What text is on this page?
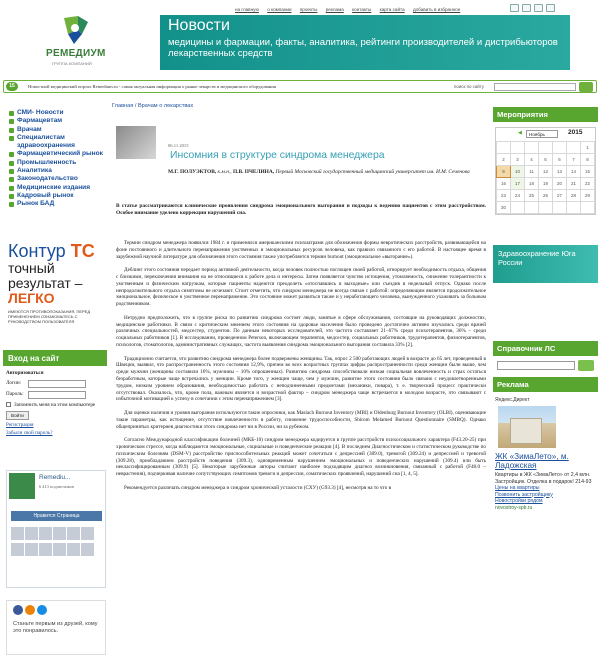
РЕМЕДИУМ
ГРУППА КОМПАНИЙ
на главную о компании проекты реклама контакты карта сайта добавить в избранное
Новости
медицины и фармации, факты, аналитика, рейтинги производителей и дистрибьюторов лекарственных средств
15	Новостной медицинский портал Remedium.ru - самая актуальная информация о рынке лекарств и медицинского оборудования	поиск по сайту
СМИ- Новости
Фармацевтам
Врачам
Специалистам здравоохранения
Фармацевтический рынок
Промышленность
Аналитика
Законодательство
Медицинские издания
Кадровый рынок
Рынок БАД
Контур ТС
точный
результат –
ЛЕГКО
ИМЕЮТСЯ ПРОТИВОПОКАЗАНИЯ, ПЕРЕД ПРИМЕНЕНИЕМ ОЗНАКОМЬТЕСЬ С РУКОВОДСТВОМ ПОЛЬЗОВАТЕЛЯ
Вход на сайт
Авторизоваться
Логин:
Пароль:
Запомнить меня на этом компьютере
Войти
Регистрация
Забыли свой пароль?
Remediu...
6 413 подписчиков
Нравится Страница
Станьте первым из друзей, кому это понравилось.
Главная / Врачам о лекарствах
06.11.2015
Инсомния в структуре синдрома менеджера
М.Г. ПОЛУЭКТОВ, к.м.н., П.В. ПЧЕЛИНА, Первый Московский государственный медицинский университет им. И.М. Сеченова
В статье рассматриваются клинические проявления синдрома эмоционального выгорания и подходы к ведению пациентов с этим расстройством. Особое внимание уделено коррекции нарушений сна.

Термин синдром менеджера появился 1984 г. и применялся американскими психиатрами для обозначения формы невротических расстройств, развивающейся на фоне постоянного и длительного перенапряжения умственных и эмоциональных ресурсов человека, как правило связанного с его работой. В настоящее время в зарубежной научной литературе для обозначения этого состояния также употребляется термин burnout (эмоциональное «выгорание»).

Деблинг этого состояния передает период активной деятельности, когда человек полностью поглощен своей работой, игнорирует необходимость отдыха, общения с близкими, переключения внимания на не относящиеся к работе дела и интересы. Затем появляется чувство истощения, утомляемость, снижение толерантности к умственным и физическим нагрузкам, которые пациенты надеются преодолеть «отоспавшись в выходные» или съездив в недельный отпуск. Однако после непродолжительного отдыха симптомы не исчезают. Стоит отметить, что синдром менеджера не всегда связан с работой: определяющим является продолжительное эмоциональное, физическое и умственное перенапряжение. Это состояние может развиться также и у неработающего человека, вынужденного ухаживать за больным родственником.

Нетрудно предположить, что в группе риска по развитию синдрома состоят люди, занятые в сфере обслуживания, состоящие на руководящих должностях, медицинские работники. В связи с критическим мнением этого состояния на здоровье населения было проведено достаточно активно изучались среди врачей различных специальностей, медсестер, студентов. По данным некоторых исследователей, это частота составляет 21–67% среди психотерапевтов, 36% – среди социальных работников [1]. В исследовании, проведенном Peterson, включающем терапевтов, медсестер, социальных работников, трудотерапевтов, физиотерапевтов, психологов, стоматологов, административных служащих, частота выявления синдрома эмоционального выгорания составила 33% [2].

Традиционно считается, что развитию синдрома менеджера более подвержены женщины. Так, опрос 2 500 работающих людей в возрасте до 65 лет, проведенный в Швеции, выявил, что распространенность этого состояния 12,9%, причем во всех возрастных группах цифры распространенности среди женщин были выше, чем среди мужчин (женщины составили 16%, мужчины – 10% опрошенных). Развитию синдрома способствовали низкая социальная вовлеченность и страх остаться безработным, которые чаще встречались у женщин. Кроме того, у женщин чаще, чем у мужчин, развитие этого состояния было связано с неудовлетворенными трудом, низким уровнем образования, необходимостью работать с неподчиненными предметами (механики, повара), т. е. творческий процесс практически отсутствовал. Оказалось, что, кроме пола, важным является и возрастной фактор – синдром менеджера чаще встречается в молодом возрасте, что связывают с избыточной мотивацией к успеху в сочетании с этим перенапряжением [3].

Для оценки наличия и уровня выгорания используются такие опросники, как Maslach Burnout Inventory (MBI) и Oldenburg Burnout Inventory (OLBI), оценивающие такие параметры, как истощение, отсутствие вовлеченности в работу, снижение трудоспособности, Shirom Melamed Burnout Questionnaire (SMBQ). Однако общепринятых критериев диагностики этого синдрома нет ни в России, ни за рубежом.

Согласно Международной классификации болезней (МКБ-10) синдром менеджера кодируется в группе расстройств психосоциального характера (F43.20-25) при хроническом стрессе, когда наблюдаются эмоциональные, социальные и поведенческие реакции [4]. В последнем Диагностическом и статистическом руководстве по психическим болезням (DSM-V) расстройство приспособительных реакций может сочетаться с депрессией (309.0), тревогой (309.24) и депрессией и тревогой (309.28), приобладанием расстройств поведения (309.3), одновременным нарушением эмоциональных и поведенческих нарушений (309.4) или быть неклассифицированным (309.9) [5]. Некоторые зарубежные авторы считают наиболее подходящим диагноз возникновения, связанный с работой (F48.0 – неврастения), подчеркивая наличие сопутствующих симптомов тревоги и депрессии, соматических проявлений, нарушений сна [1, 4, 5].

Рекомендуется различать синдром менеджера и синдром хронической усталости (СХУ) (G93.3) [4], несмотря на то что в

Мероприятия
◀	Ноябрь	2015
						1
2	3	4	5	6	7	8
9	10	11	12	13	14	15
16	17	18	19	20	21	22
23	24	25	26	27	28	29
30						
Здравоохранение Юга России
Справочник ЛС
Реклама
Яндекс.Директ
ЖК «ЗимаЛето», м. Ладожская
Квартиры в ЖК «ЗимаЛето» от 2,4 млн. Застройщик. Отделка в подарок! 214-93
Цены на квартиры
Позвонить застройщику
Новостройки рядом
novostroy-spb.ru
